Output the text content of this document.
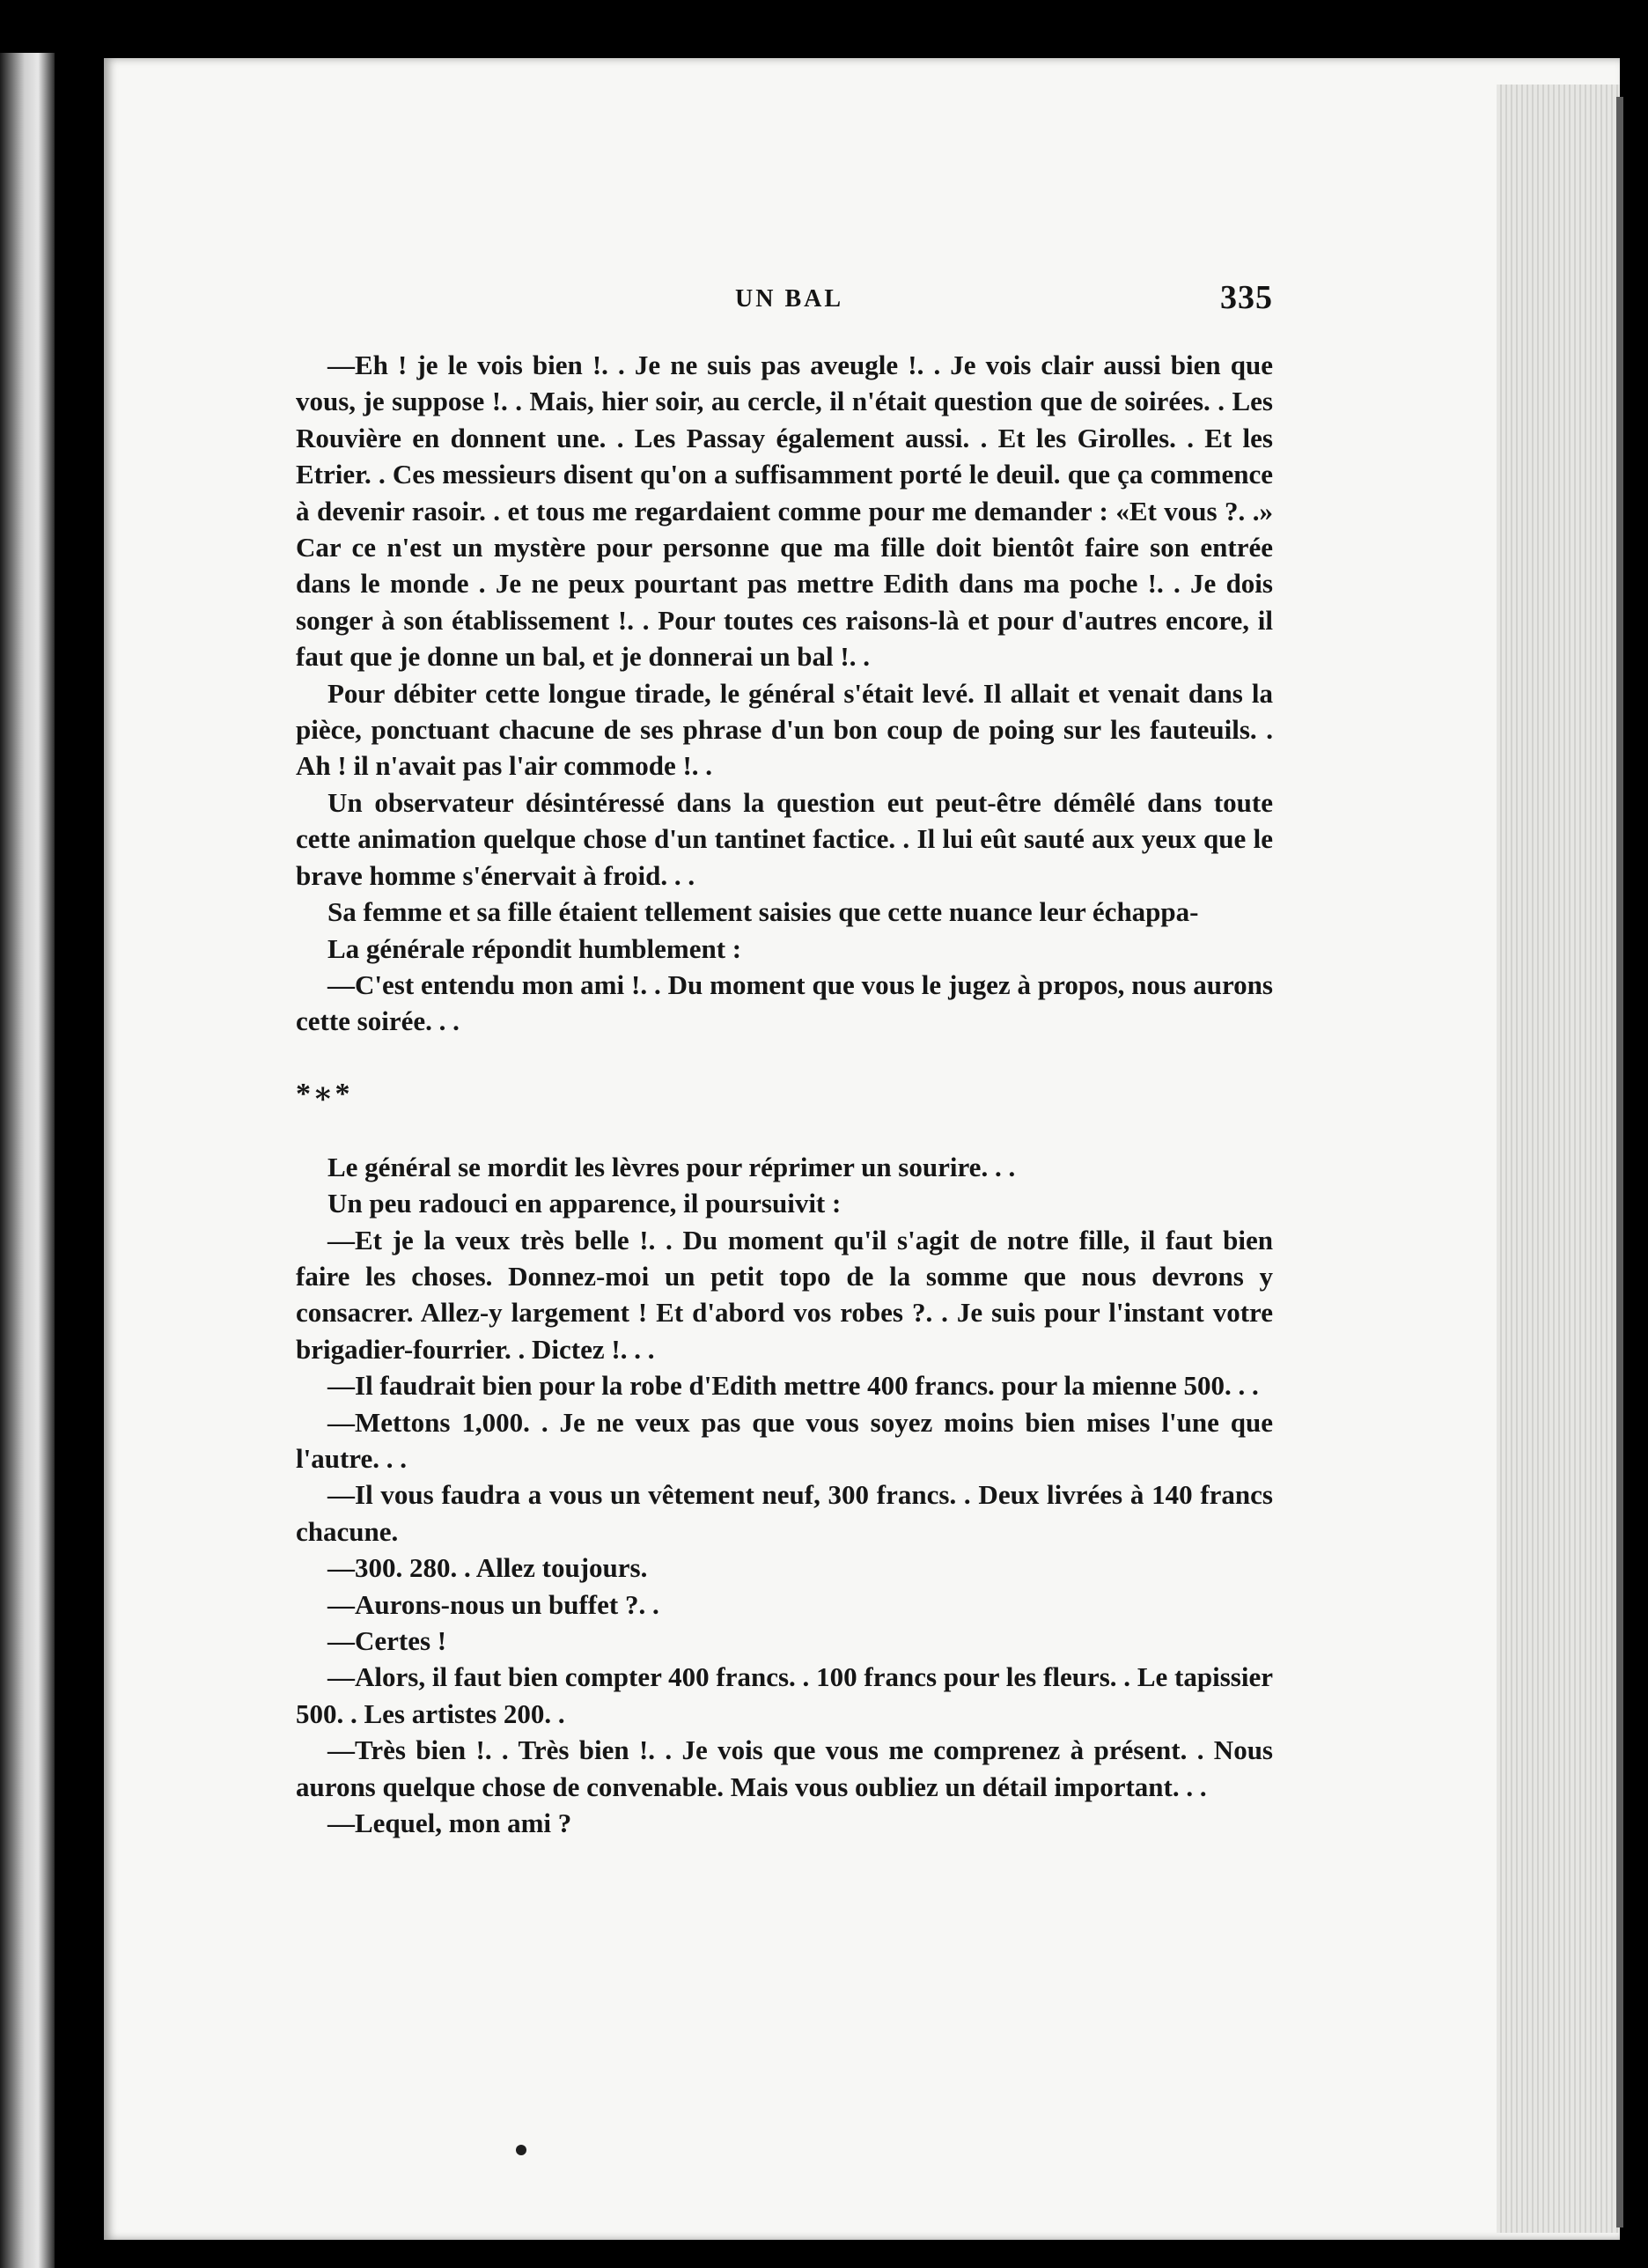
UN BAL	335

—Eh ! je le vois bien !. . Je ne suis pas aveugle !. . Je vois clair aussi bien que vous, je suppose !. . Mais, hier soir, au cercle, il n'était question que de soirées. . Les Rouvière en donnent une. . Les Passay également aussi. . Et les Girolles. . Et les Etrier. . Ces messieurs disent qu'on a suffisamment porté le deuil. que ça commence à devenir rasoir. . et tous me regardaient comme pour me demander : «Et vous ?. .» Car ce n'est un mystère pour personne que ma fille doit bientôt faire son entrée dans le monde . Je ne peux pourtant pas mettre Edith dans ma poche !. . Je dois songer à son établissement !. . Pour toutes ces raisons-là et pour d'autres encore, il faut que je donne un bal, et je donnerai un bal !. .

Pour débiter cette longue tirade, le général s'était levé. Il allait et venait dans la pièce, ponctuant chacune de ses phrase d'un bon coup de poing sur les fauteuils. . Ah ! il n'avait pas l'air commode !. .

Un observateur désintéressé dans la question eut peut-être démêlé dans toute cette animation quelque chose d'un tantinet factice. . Il lui eût sauté aux yeux que le brave homme s'énervait à froid. . .

Sa femme et sa fille étaient tellement saisies que cette nuance leur échappa-

La générale répondit humblement :

—C'est entendu mon ami !. . Du moment que vous le jugez à propos, nous aurons cette soirée. . .

*∗*

Le général se mordit les lèvres pour réprimer un sourire. . .

Un peu radouci en apparence, il poursuivit :

—Et je la veux très belle !. . Du moment qu'il s'agit de notre fille, il faut bien faire les choses. Donnez-moi un petit topo de la somme que nous devrons y consacrer. Allez-y largement ! Et d'abord vos robes ?. . Je suis pour l'instant votre brigadier-fourrier. . Dictez !. . .

—Il faudrait bien pour la robe d'Edith mettre 400 francs. pour la mienne 500. . .

—Mettons 1,000. . Je ne veux pas que vous soyez moins bien mises l'une que l'autre. . .

—Il vous faudra a vous un vêtement neuf, 300 francs. . Deux livrées à 140 francs chacune.

—300. 280. . Allez toujours.

—Aurons-nous un buffet ?. .

—Certes !

—Alors, il faut bien compter 400 francs. . 100 francs pour les fleurs. . Le tapissier 500. . Les artistes 200. .

—Très bien !. . Très bien !. . Je vois que vous me comprenez à présent. . Nous aurons quelque chose de convenable. Mais vous oubliez un détail important. . .

—Lequel, mon ami ?
